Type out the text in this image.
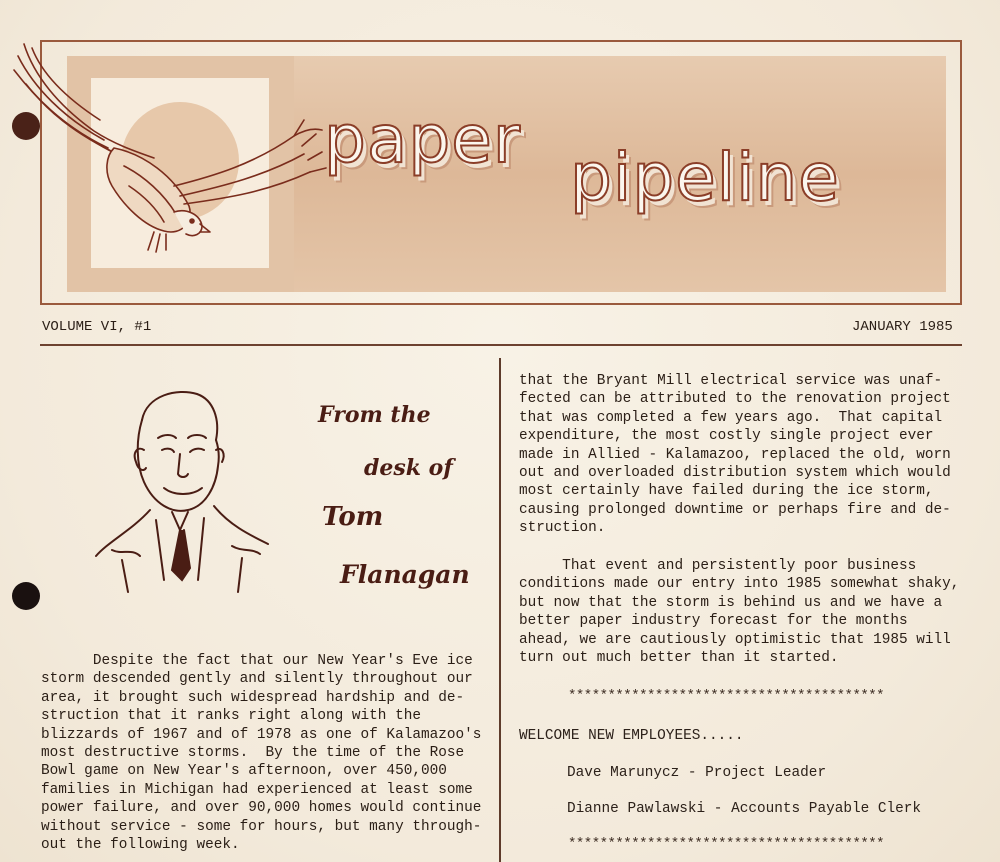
paper pipeline
VOLUME VI, #1	JANUARY 1985
From the
desk of
Tom
Flanagan
Despite the fact that our New Year's Eve ice
storm descended gently and silently throughout our
area, it brought such widespread hardship and de-
struction that it ranks right along with the
blizzards of 1967 and of 1978 as one of Kalamazoo's
most destructive storms.  By the time of the Rose
Bowl game on New Year's afternoon, over 450,000
families in Michigan had experienced at least some
power failure, and over 90,000 homes would continue
without service - some for hours, but many through-
out the following week.
that the Bryant Mill electrical service was unaf-
fected can be attributed to the renovation project
that was completed a few years ago.  That capital
expenditure, the most costly single project ever
made in Allied - Kalamazoo, replaced the old, worn
out and overloaded distribution system which would
most certainly have failed during the ice storm,
causing prolonged downtime or perhaps fire and de-
struction.
That event and persistently poor business
conditions made our entry into 1985 somewhat shaky,
but now that the storm is behind us and we have a
better paper industry forecast for the months
ahead, we are cautiously optimistic that 1985 will
turn out much better than it started.
****************************************
WELCOME NEW EMPLOYEES.....
Dave Marunycz - Project Leader
Dianne Pawlawski - Accounts Payable Clerk
****************************************
